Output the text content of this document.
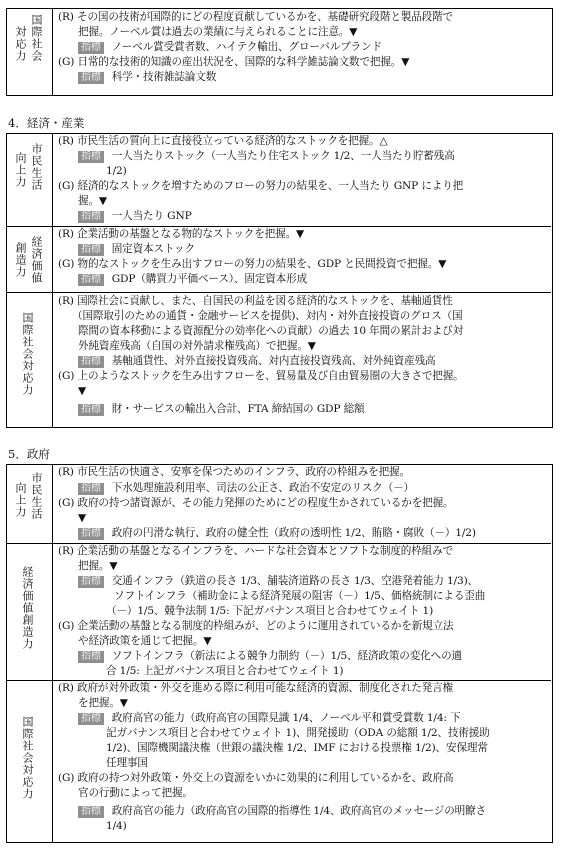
国際社会
対応力
(R) その国の技術が国際的にどの程度貢献しているかを、基礎研究段階と製品段階で
把握。ノーベル賞は過去の業績に与えられることに注意。▼
指標 ノーベル賞受賞者数、ハイテク輸出、グローバルブランド
(G) 日常的な技術的知識の産出状況を、国際的な科学雑誌論文数で把握。▼
指標 科学・技術雑誌論文数
4．経済・産業
市民生活
向上力
(R) 市民生活の質向上に直接役立っている経済的なストックを把握。△
指標 一人当たりストック（一人当たり住宅ストック 1/2、一人当たり貯蓄残高
1/2)
(G) 経済的なストックを増すためのフローの努力の結果を、一人当たり GNP により把
握。▼
指標 一人当たり GNP
経済価値
創造力
(R) 企業活動の基盤となる物的なストックを把握。▼
指標 固定資本ストック
(G) 物的なストックを生み出すフローの努力の結果を、GDP と民間投資で把握。▼
指標 GDP（購買力平価ベース）、固定資本形成
国際社会対応力
(R) 国際社会に貢献し、また、自国民の利益を図る経済的なストックを、基軸通貨性
（国際取引のための通貨・金融サービスを提供)、対内・対外直接投資のグロス（国
際間の資本移動による資源配分の効率化への貢献）の過去 10 年間の累計および対
外純資産残高（自国の対外請求権残高）で把握。▼
指標 基軸通貨性、対外直接投資残高、対内直接投資残高、対外純資産残高
(G) 上のようなストックを生み出すフローを、貿易量及び自由貿易圏の大きさで把握。
▼
指標 財・サービスの輸出入合計、FTA 締結国の GDP 総額
5．政府
市民生活
向上力
(R) 市民生活の快適さ、安寧を保つためのインフラ、政府の枠組みを把握。
指標 下水処理施設利用率、司法の公正さ、政治不安定のリスク（－）
(G) 政府の持つ諸資源が、その能力発揮のためにどの程度生かされているかを把握。
▼
指標 政府の円滑な執行、政府の健全性（政府の透明性 1/2、賄賂・腐敗（－）1/2)
経済価値創造力
(R) 企業活動の基盤となるインフラを、ハードな社会資本とソフトな制度的枠組みで
把握。▼
指標 交通インフラ（鉄道の長さ 1/3、舗装済道路の長さ 1/3、空港発着能力 1/3)、
ソフトインフラ（補助金による経済発展の阻害（－）1/5、価格統制による歪曲
（－）1/5、競争法制 1/5: 下記ガバナンス項目と合わせてウェイト 1)
(G) 企業活動の基盤となる制度的枠組みが、どのように運用されているかを新規立法
や経済政策を通じて把握。▼
指標 ソフトインフラ（新法による競争力制約（－）1/5、経済政策の変化への適
合 1/5: 上記ガバナンス項目と合わせてウェイト 1)
国際社会対応力
(R) 政府が対外政策・外交を進める際に利用可能な経済的資源、制度化された発言権
を把握。▼
指標 政府高官の能力（政府高官の国際見識 1/4、ノーベル平和賞受賞数 1/4: 下
記ガバナンス項目と合わせてウェイト 1)、開発援助（ODA の総額 1/2、技術援助
1/2)、国際機関議決権（世銀の議決権 1/2、IMF における投票権 1/2)、安保理常
任理事国
(G) 政府の持つ対外政策・外交上の資源をいかに効果的に利用しているかを、政府高
官の行動によって把握。
指標 政府高官の能力（政府高官の国際的指導性 1/4、政府高官のメッセージの明瞭さ
1/4)
